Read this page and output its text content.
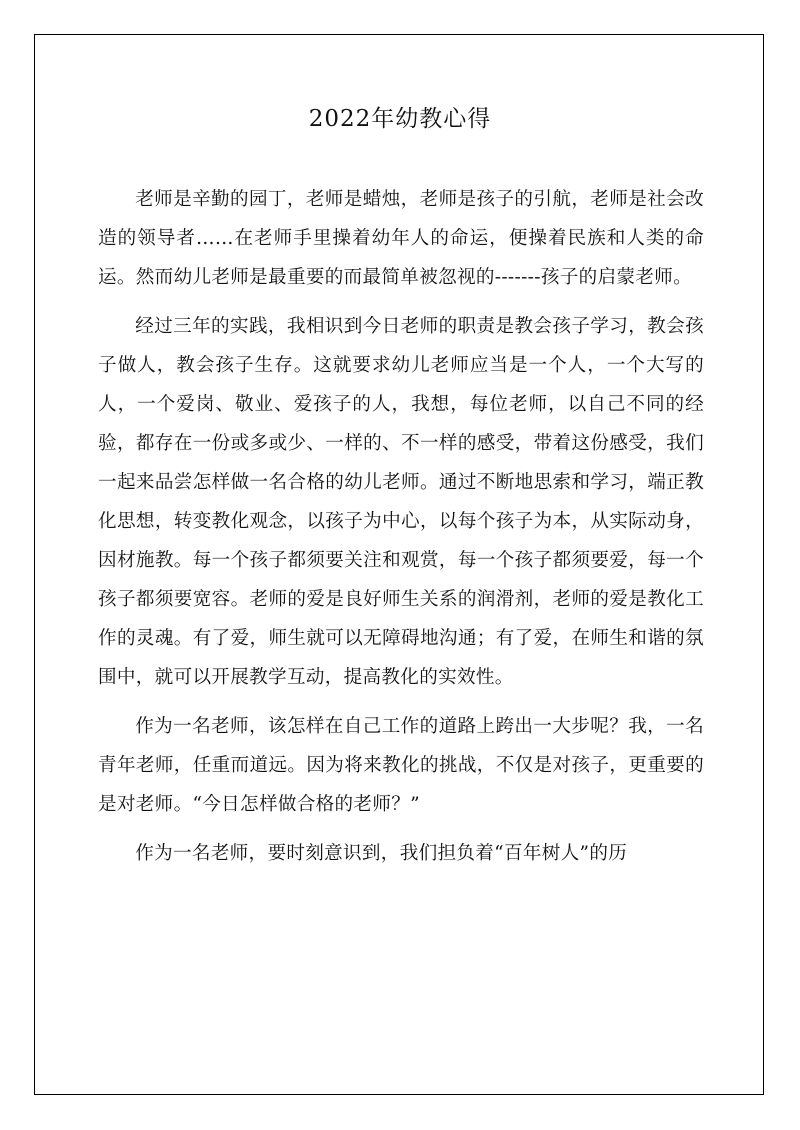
2022年幼教心得

老师是辛勤的园丁，老师是蜡烛，老师是孩子的引航，老师是社会改造的领导者……在老师手里操着幼年人的命运，便操着民族和人类的命运。然而幼儿老师是最重要的而最简单被忽视的-------孩子的启蒙老师。

经过三年的实践，我相识到今日老师的职责是教会孩子学习，教会孩子做人，教会孩子生存。这就要求幼儿老师应当是一个人，一个大写的人，一个爱岗、敬业、爱孩子的人，我想，每位老师，以自己不同的经验，都存在一份或多或少、一样的、不一样的感受，带着这份感受，我们一起来品尝怎样做一名合格的幼儿老师。通过不断地思索和学习，端正教化思想，转变教化观念，以孩子为中心，以每个孩子为本，从实际动身，因材施教。每一个孩子都须要关注和观赏，每一个孩子都须要爱，每一个孩子都须要宽容。老师的爱是良好师生关系的润滑剂，老师的爱是教化工作的灵魂。有了爱，师生就可以无障碍地沟通；有了爱，在师生和谐的氛围中，就可以开展教学互动，提高教化的实效性。

作为一名老师，该怎样在自己工作的道路上跨出一大步呢？我，一名青年老师，任重而道远。因为将来教化的挑战，不仅是对孩子，更重要的是对老师。“今日怎样做合格的老师？”

作为一名老师，要时刻意识到，我们担负着“百年树人”的历
